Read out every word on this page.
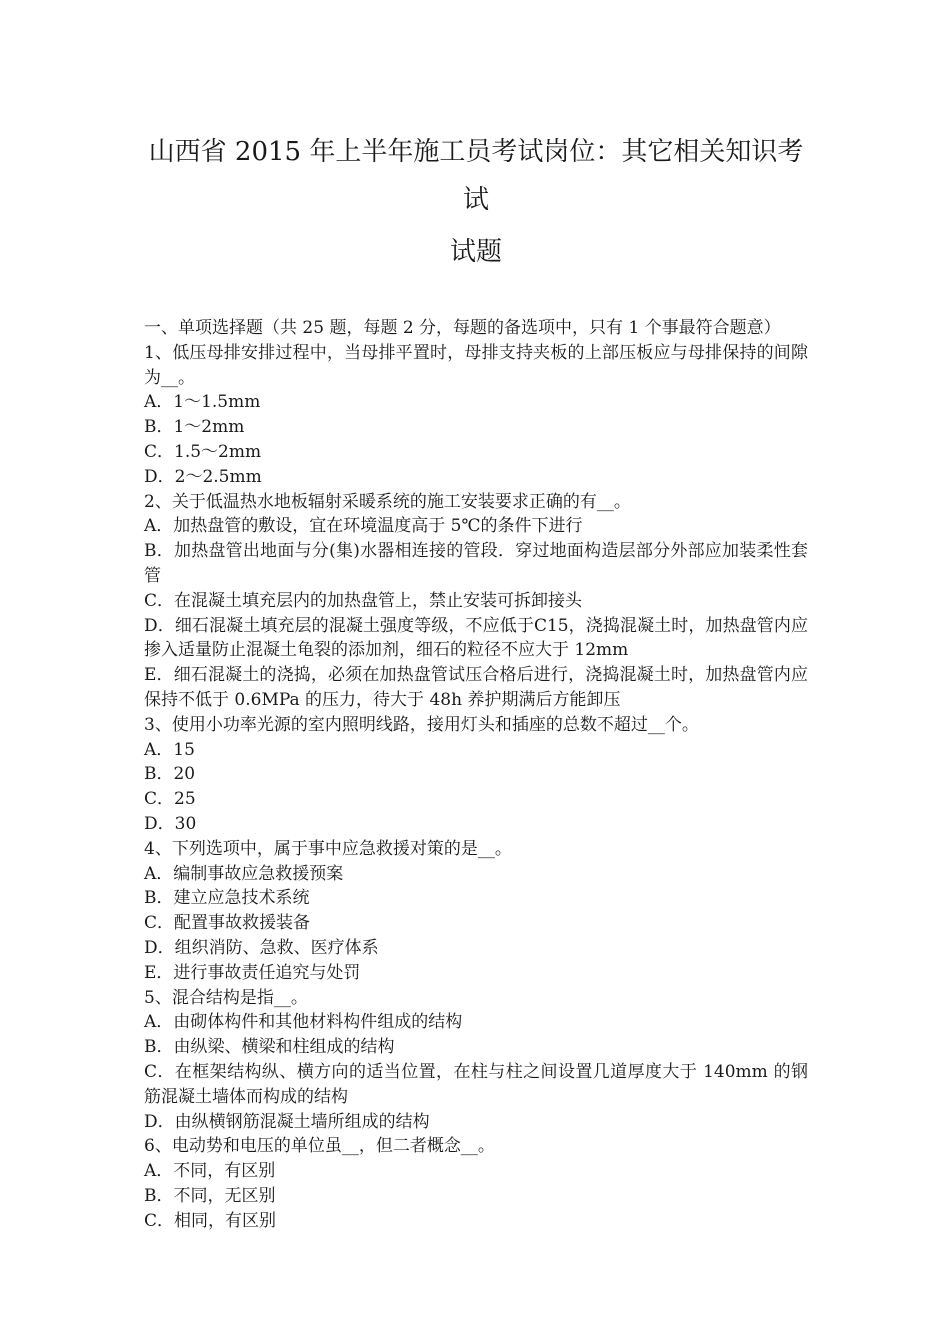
山西省 2015 年上半年施工员考试岗位：其它相关知识考试
试题

一、单项选择题（共 25 题，每题 2 分，每题的备选项中，只有 1 个事最符合题意）

1、低压母排安排过程中，当母排平置时，母排支持夹板的上部压板应与母排保持的间隙为__。

A．1～1.5mm

B．1～2mm

C．1.5～2mm

D．2～2.5mm

2、关于低温热水地板辐射采暖系统的施工安装要求正确的有__。

A．加热盘管的敷设，宜在环境温度高于 5℃的条件下进行

B．加热盘管出地面与分(集)水器相连接的管段．穿过地面构造层部分外部应加装柔性套管

C．在混凝土填充层内的加热盘管上，禁止安装可拆卸接头

D．细石混凝土填充层的混凝土强度等级，不应低于C15，浇捣混凝土时，加热盘管内应掺入适量防止混凝土龟裂的添加剂，细石的粒径不应大于 12mm

E．细石混凝土的浇捣，必须在加热盘管试压合格后进行，浇捣混凝土时，加热盘管内应保持不低于 0.6MPa 的压力，待大于 48h 养护期满后方能卸压

3、使用小功率光源的室内照明线路，接用灯头和插座的总数不超过__个。

A．15

B．20

C．25

D．30

4、下列选项中，属于事中应急救援对策的是__。

A．编制事故应急救援预案

B．建立应急技术系统

C．配置事故救援装备

D．组织消防、急救、医疗体系

E．进行事故责任追究与处罚

5、混合结构是指__。

A．由砌体构件和其他材料构件组成的结构

B．由纵梁、横梁和柱组成的结构

C．在框架结构纵、横方向的适当位置，在柱与柱之间设置几道厚度大于 140mm 的钢筋混凝土墙体而构成的结构

D．由纵横钢筋混凝土墙所组成的结构

6、电动势和电压的单位虽__，但二者概念__。

A．不同，有区别

B．不同，无区别

C．相同，有区别
